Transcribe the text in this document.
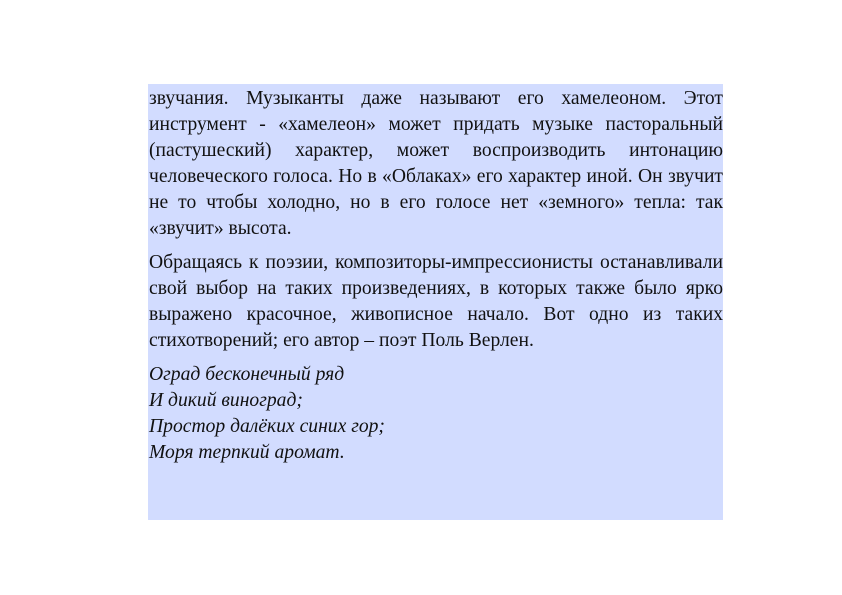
звучания. Музыканты даже называют его хамелеоном. Этот инструмент - «хамелеон» может придать музыке пасторальный (пастушеский) характер, может воспроизводить интонацию человеческого голоса. Но в «Облаках» его характер иной. Он звучит не то чтобы холодно, но в его голосе нет «земного» тепла: так «звучит» высота.

Обращаясь к поэзии, композиторы-импрессионисты останавливали свой выбор на таких произведениях, в которых также было ярко выражено красочное, живописное начало. Вот одно из таких стихотворений; его автор – поэт Поль Верлен.

Оград бесконечный ряд
И дикий виноград;
Простор далёких синих гор;
Моря терпкий аромат.
